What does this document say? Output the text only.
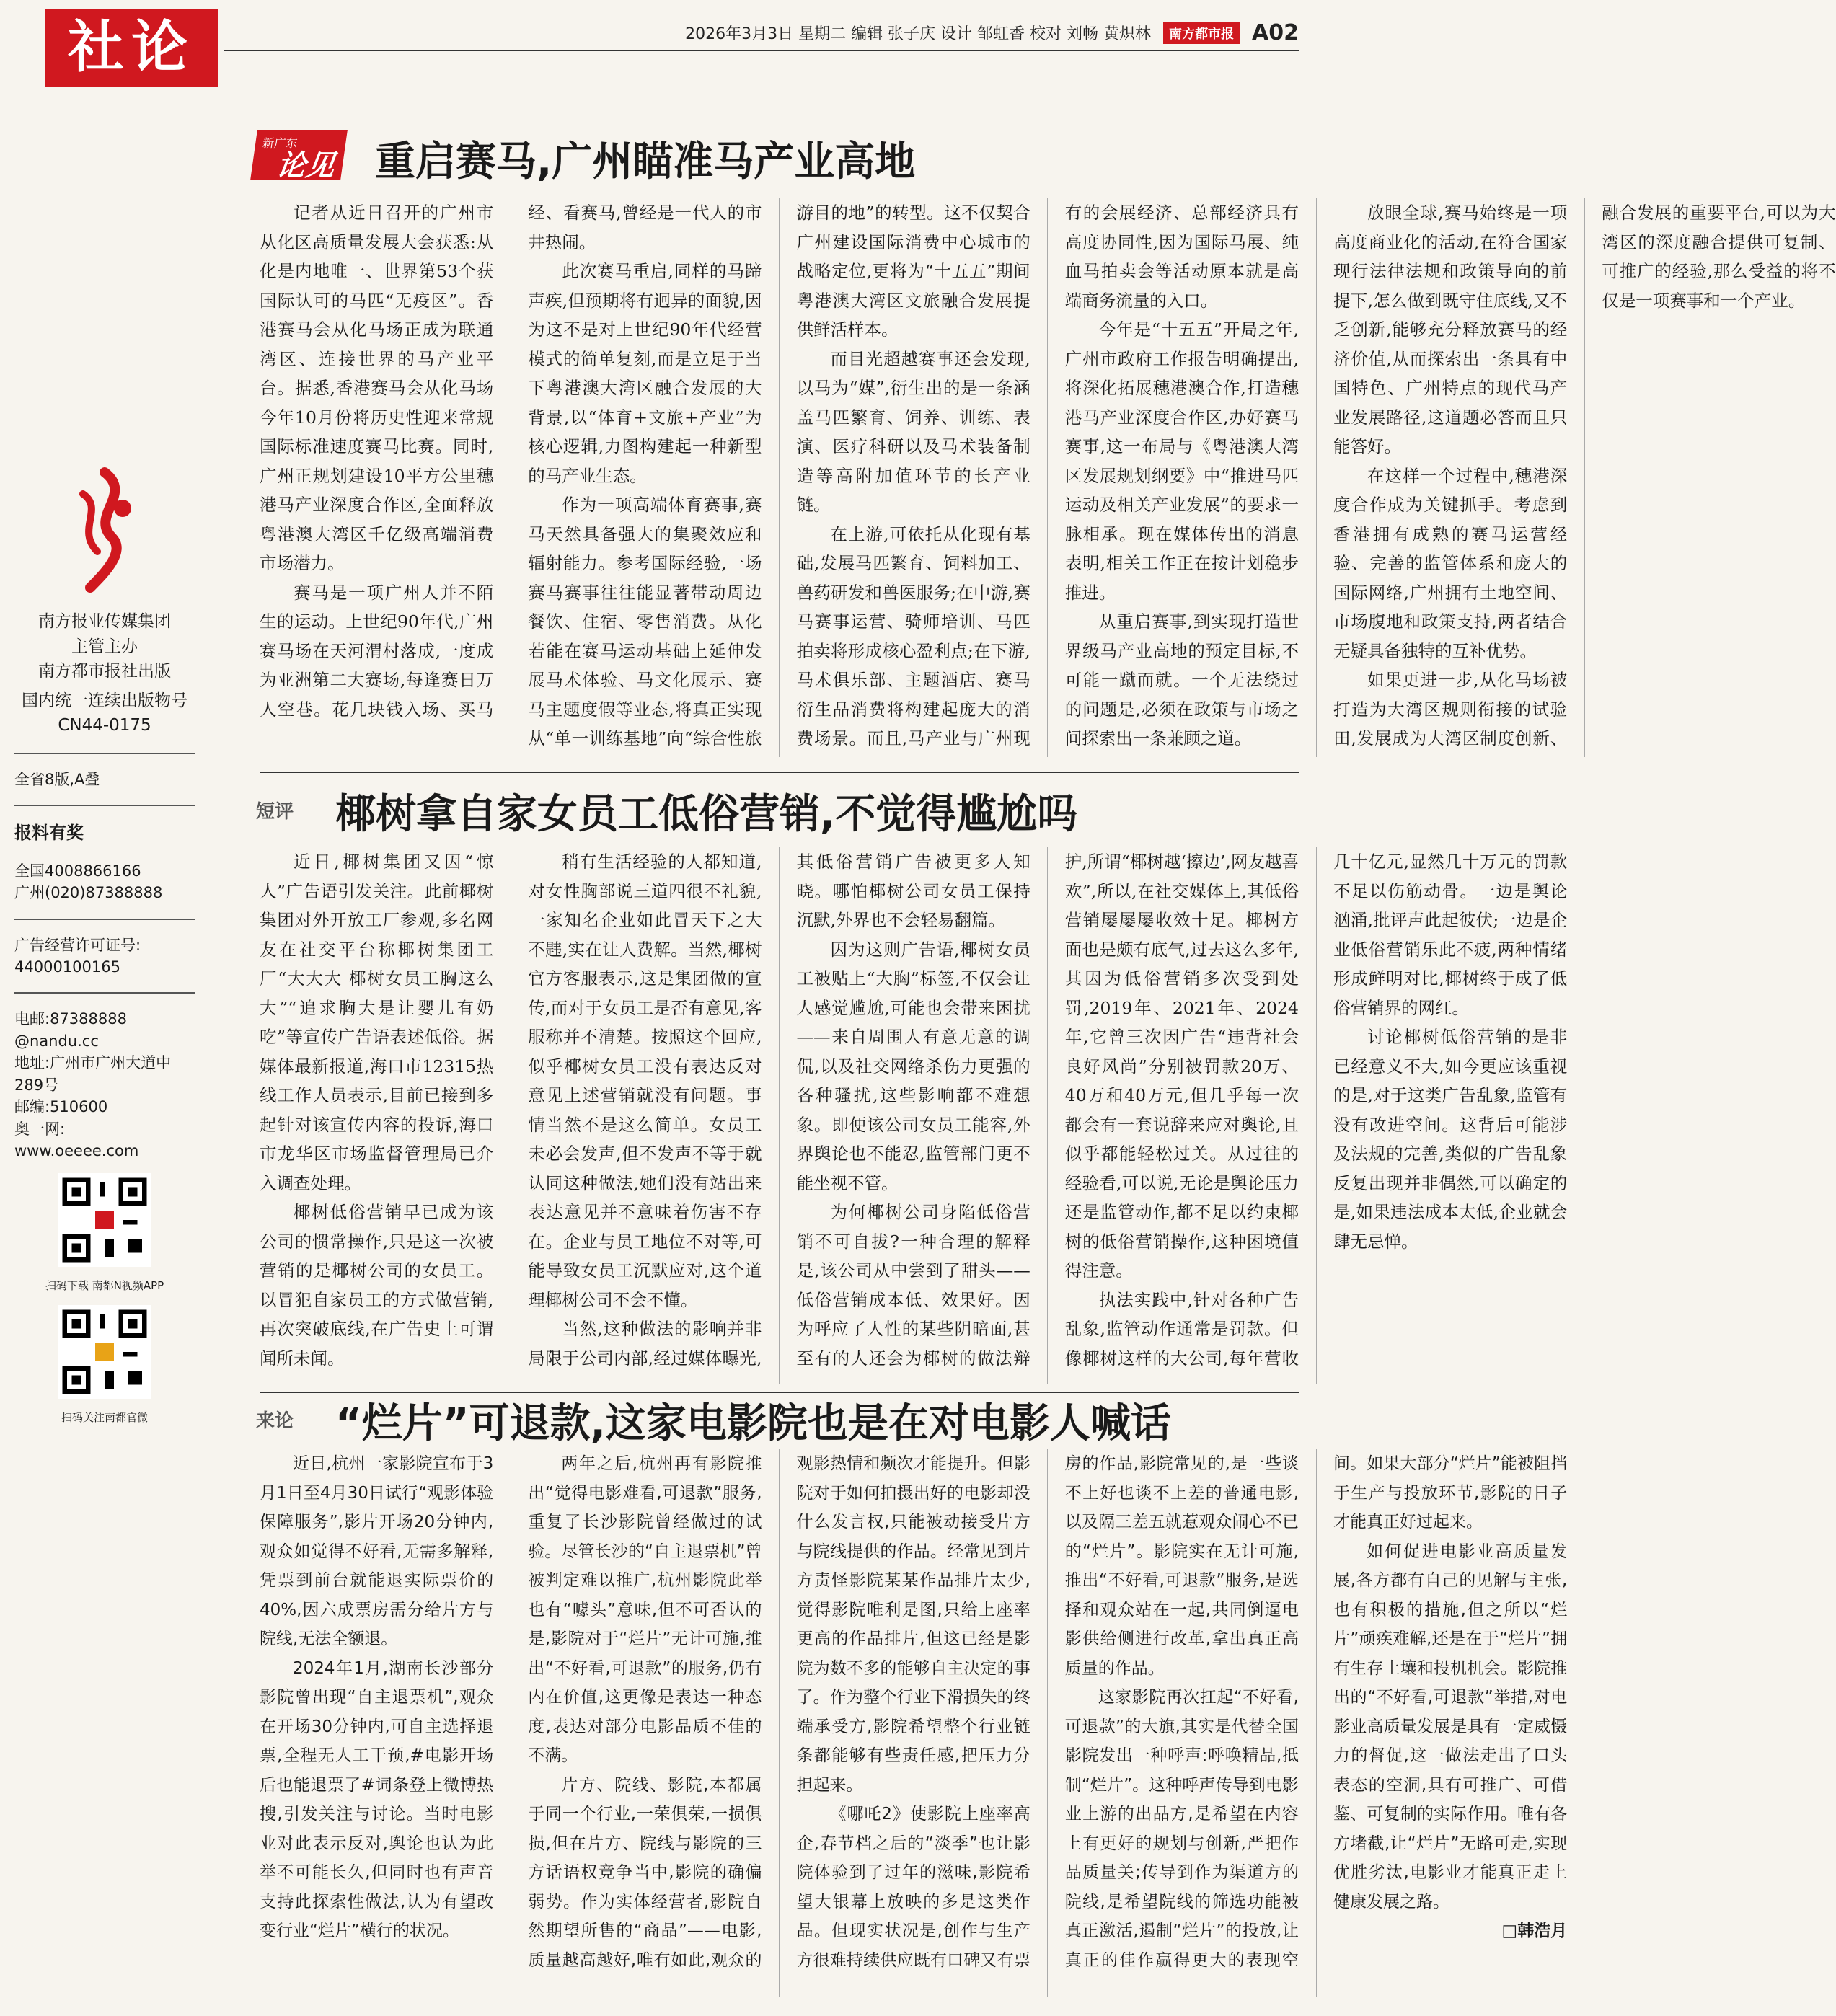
社论	2026年3月3日 星期二 编辑 张子庆 设计 邹虹香 校对 刘畅 黄炽林 南方都市报 A02
南方报业传媒集团
主管主办
南方都市报社出版
国内统一连续出版物号
CN44-0175
全省8版,A叠
报料有奖
全国4008866166
广州(020)87388888
广告经营许可证号:
44000100165
电邮:87388888
@nandu.cc
地址:广州市广州大道中
289号
邮编:510600
奥一网:
www.oeeee.com
扫码下载 南都N视频APP
扫码关注南都官微
新广东
论见 重启赛马,广州瞄准马产业高地

记者从近日召开的广州市从化区高质量发展大会获悉:从化是内地唯一、世界第53个获国际认可的马匹“无疫区”。香港赛马会从化马场正成为联通湾区、连接世界的马产业平台。据悉,香港赛马会从化马场今年10月份将历史性迎来常规国际标准速度赛马比赛。同时,广州正规划建设10平方公里穗港马产业深度合作区,全面释放粤港澳大湾区千亿级高端消费市场潜力。

赛马是一项广州人并不陌生的运动。上世纪90年代,广州赛马场在天河渭村落成,一度成为亚洲第二大赛场,每逢赛日万人空巷。花几块钱入场、买马经、看赛马,曾经是一代人的市井热闹。

此次赛马重启,同样的马蹄声疾,但预期将有迥异的面貌,因为这不是对上世纪90年代经营模式的简单复刻,而是立足于当下粤港澳大湾区融合发展的大背景,以“体育+文旅+产业”为核心逻辑,力图构建起一种新型的马产业生态。

作为一项高端体育赛事,赛马天然具备强大的集聚效应和辐射能力。参考国际经验,一场赛马赛事往往能显著带动周边餐饮、住宿、零售消费。从化若能在赛马运动基础上延伸发展马术体验、马文化展示、赛马主题度假等业态,将真正实现从“单一训练基地”向“综合性旅游目的地”的转型。这不仅契合广州建设国际消费中心城市的战略定位,更将为“十五五”期间粤港澳大湾区文旅融合发展提供鲜活样本。

而目光超越赛事还会发现,以马为“媒”,衍生出的是一条涵盖马匹繁育、饲养、训练、表演、医疗科研以及马术装备制造等高附加值环节的长产业链。

在上游,可依托从化现有基础,发展马匹繁育、饲料加工、兽药研发和兽医服务;在中游,赛马赛事运营、骑师培训、马匹拍卖将形成核心盈利点;在下游,马术俱乐部、主题酒店、赛马衍生品消费将构建起庞大的消费场景。而且,马产业与广州现有的会展经济、总部经济具有高度协同性,因为国际马展、纯血马拍卖会等活动原本就是高端商务流量的入口。

今年是“十五五”开局之年,广州市政府工作报告明确提出,将深化拓展穗港澳合作,打造穗港马产业深度合作区,办好赛马赛事,这一布局与《粤港澳大湾区发展规划纲要》中“推进马匹运动及相关产业发展”的要求一脉相承。现在媒体传出的消息表明,相关工作正在按计划稳步推进。

从重启赛事,到实现打造世界级马产业高地的预定目标,不可能一蹴而就。一个无法绕过的问题是,必须在政策与市场之间探索出一条兼顾之道。

放眼全球,赛马始终是一项高度商业化的活动,在符合国家现行法律法规和政策导向的前提下,怎么做到既守住底线,又不乏创新,能够充分释放赛马的经济价值,从而探索出一条具有中国特色、广州特点的现代马产业发展路径,这道题必答而且只能答好。

在这样一个过程中,穗港深度合作成为关键抓手。考虑到香港拥有成熟的赛马运营经验、完善的监管体系和庞大的国际网络,广州拥有土地空间、市场腹地和政策支持,两者结合无疑具备独特的互补优势。

如果更进一步,从化马场被打造为大湾区规则衔接的试验田,发展成为大湾区制度创新、融合发展的重要平台,可以为大湾区的深度融合提供可复制、可推广的经验,那么受益的将不仅是一项赛事和一个产业。

短评 椰树拿自家女员工低俗营销,不觉得尴尬吗

近日,椰树集团又因“惊人”广告语引发关注。此前椰树集团对外开放工厂参观,多名网友在社交平台称椰树集团工厂“大大大 椰树女员工胸这么大”“追求胸大是让婴儿有奶吃”等宣传广告语表述低俗。据媒体最新报道,海口市12315热线工作人员表示,目前已接到多起针对该宣传内容的投诉,海口市龙华区市场监督管理局已介入调查处理。

椰树低俗营销早已成为该公司的惯常操作,只是这一次被营销的是椰树公司的女员工。以冒犯自家员工的方式做营销,再次突破底线,在广告史上可谓闻所未闻。

稍有生活经验的人都知道,对女性胸部说三道四很不礼貌,一家知名企业如此冒天下之大不韪,实在让人费解。当然,椰树官方客服表示,这是集团做的宣传,而对于女员工是否有意见,客服称并不清楚。按照这个回应,似乎椰树女员工没有表达反对意见上述营销就没有问题。事情当然不是这么简单。女员工未必会发声,但不发声不等于就认同这种做法,她们没有站出来表达意见并不意味着伤害不存在。企业与员工地位不对等,可能导致女员工沉默应对,这个道理椰树公司不会不懂。

当然,这种做法的影响并非局限于公司内部,经过媒体曝光,其低俗营销广告被更多人知晓。哪怕椰树公司女员工保持沉默,外界也不会轻易翻篇。

因为这则广告语,椰树女员工被贴上“大胸”标签,不仅会让人感觉尴尬,可能也会带来困扰——来自周围人有意无意的调侃,以及社交网络杀伤力更强的各种骚扰,这些影响都不难想象。即便该公司女员工能容,外界舆论也不能忍,监管部门更不能坐视不管。

为何椰树公司身陷低俗营销不可自拔?一种合理的解释是,该公司从中尝到了甜头——低俗营销成本低、效果好。因为呼应了人性的某些阴暗面,甚至有的人还会为椰树的做法辩护,所谓“椰树越‘擦边’,网友越喜欢”,所以,在社交媒体上,其低俗营销屡屡屡收效十足。椰树方面也是颇有底气,过去这么多年,其因为低俗营销多次受到处罚,2019年、2021年、2024年,它曾三次因广告“违背社会良好风尚”分别被罚款20万、40万和40万元,但几乎每一次都会有一套说辞来应对舆论,且似乎都能轻松过关。从过往的经验看,可以说,无论是舆论压力还是监管动作,都不足以约束椰树的低俗营销操作,这种困境值得注意。

执法实践中,针对各种广告乱象,监管动作通常是罚款。但像椰树这样的大公司,每年营收几十亿元,显然几十万元的罚款不足以伤筋动骨。一边是舆论汹涌,批评声此起彼伏;一边是企业低俗营销乐此不疲,两种情绪形成鲜明对比,椰树终于成了低俗营销界的网红。

讨论椰树低俗营销的是非已经意义不大,如今更应该重视的是,对于这类广告乱象,监管有没有改进空间。这背后可能涉及法规的完善,类似的广告乱象反复出现并非偶然,可以确定的是,如果违法成本太低,企业就会肆无忌惮。

来论 “烂片”可退款,这家电影院也是在对电影人喊话

近日,杭州一家影院宣布于3月1日至4月30日试行“观影体验保障服务”,影片开场20分钟内,观众如觉得不好看,无需多解释,凭票到前台就能退实际票价的40%,因六成票房需分给片方与院线,无法全额退。

2024年1月,湖南长沙部分影院曾出现“自主退票机”,观众在开场30分钟内,可自主选择退票,全程无人工干预,#电影开场后也能退票了#词条登上微博热搜,引发关注与讨论。当时电影业对此表示反对,舆论也认为此举不可能长久,但同时也有声音支持此探索性做法,认为有望改变行业“烂片”横行的状况。

两年之后,杭州再有影院推出“觉得电影难看,可退款”服务,重复了长沙影院曾经做过的试验。尽管长沙的“自主退票机”曾被判定难以推广,杭州影院此举也有“噱头”意味,但不可否认的是,影院对于“烂片”无计可施,推出“不好看,可退款”的服务,仍有内在价值,这更像是表达一种态度,表达对部分电影品质不佳的不满。

片方、院线、影院,本都属于同一个行业,一荣俱荣,一损俱损,但在片方、院线与影院的三方话语权竞争当中,影院的确偏弱势。作为实体经营者,影院自然期望所售的“商品”——电影,质量越高越好,唯有如此,观众的观影热情和频次才能提升。但影院对于如何拍摄出好的电影却没什么发言权,只能被动接受片方与院线提供的作品。经常见到片方责怪影院某某作品排片太少,觉得影院唯利是图,只给上座率更高的作品排片,但这已经是影院为数不多的能够自主决定的事了。作为整个行业下滑损失的终端承受方,影院希望整个行业链条都能够有些责任感,把压力分担起来。

《哪吒2》使影院上座率高企,春节档之后的“淡季”也让影院体验到了过年的滋味,影院希望大银幕上放映的多是这类作品。但现实状况是,创作与生产方很难持续供应既有口碑又有票房的作品,影院常见的,是一些谈不上好也谈不上差的普通电影,以及隔三差五就惹观众闹心不已的“烂片”。影院实在无计可施,推出“不好看,可退款”服务,是选择和观众站在一起,共同倒逼电影供给侧进行改革,拿出真正高质量的作品。

这家影院再次扛起“不好看,可退款”的大旗,其实是代替全国影院发出一种呼声:呼唤精品,抵制“烂片”。这种呼声传导到电影业上游的出品方,是希望在内容上有更好的规划与创新,严把作品质量关;传导到作为渠道方的院线,是希望院线的筛选功能被真正激活,遏制“烂片”的投放,让真正的佳作赢得更大的表现空间。如果大部分“烂片”能被阻挡于生产与投放环节,影院的日子才能真正好过起来。

如何促进电影业高质量发展,各方都有自己的见解与主张,也有积极的措施,但之所以“烂片”顽疾难解,还是在于“烂片”拥有生存土壤和投机机会。影院推出的“不好看,可退款”举措,对电影业高质量发展是具有一定威慑力的督促,这一做法走出了口头表态的空洞,具有可推广、可借鉴、可复制的实际作用。唯有各方堵截,让“烂片”无路可走,实现优胜劣汰,电影业才能真正走上健康发展之路。

□韩浩月
